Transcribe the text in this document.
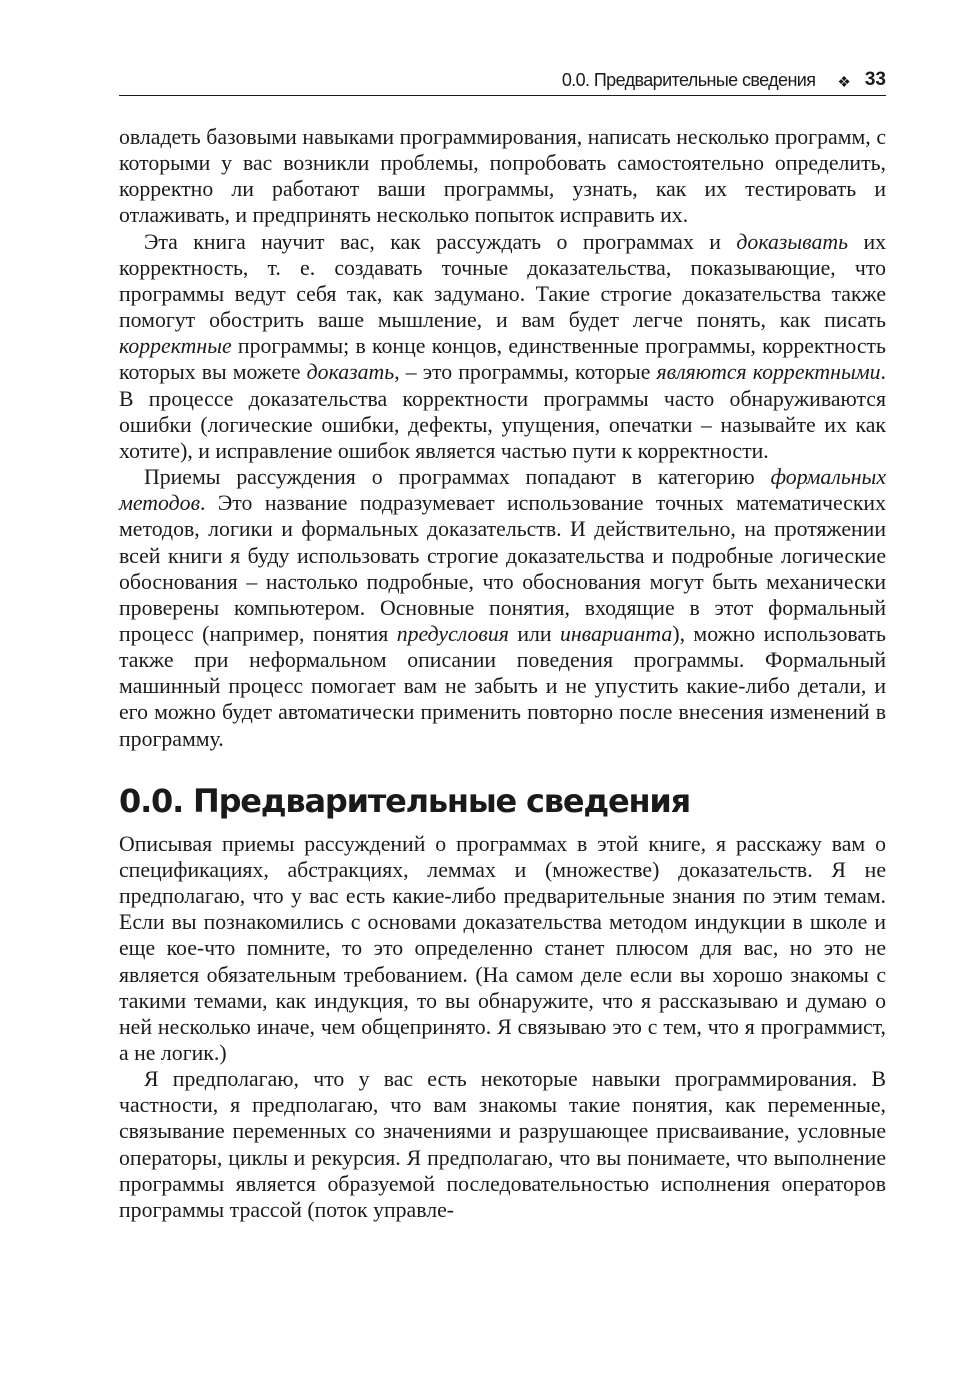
0.0. Предварительные сведения ❖ 33

овладеть базовыми навыками программирования, написать несколько программ, с которыми у вас возникли проблемы, попробовать самостоятельно определить, корректно ли работают ваши программы, узнать, как их тестировать и отлаживать, и предпринять несколько попыток исправить их.

Эта книга научит вас, как рассуждать о программах и доказывать их корректность, т. е. создавать точные доказательства, показывающие, что программы ведут себя так, как задумано. Такие строгие доказательства также помогут обострить ваше мышление, и вам будет легче понять, как писать корректные программы; в конце концов, единственные программы, корректность которых вы можете доказать, – это программы, которые являются корректными. В процессе доказательства корректности программы часто обнаруживаются ошибки (логические ошибки, дефекты, упущения, опечатки – называйте их как хотите), и исправление ошибок является частью пути к корректности.

Приемы рассуждения о программах попадают в категорию формальных методов. Это название подразумевает использование точных математических методов, логики и формальных доказательств. И действительно, на протяжении всей книги я буду использовать строгие доказательства и подробные логические обоснования – настолько подробные, что обоснования могут быть механически проверены компьютером. Основные понятия, входящие в этот формальный процесс (например, понятия предусловия или инварианта), можно использовать также при неформальном описании поведения программы. Формальный машинный процесс помогает вам не забыть и не упустить какие-либо детали, и его можно будет автоматически применить повторно после внесения изменений в программу.

0.0. Предварительные сведения

Описывая приемы рассуждений о программах в этой книге, я расскажу вам о спецификациях, абстракциях, леммах и (множестве) доказательств. Я не предполагаю, что у вас есть какие-либо предварительные знания по этим темам. Если вы познакомились с основами доказательства методом индукции в школе и еще кое-что помните, то это определенно станет плюсом для вас, но это не является обязательным требованием. (На самом деле если вы хорошо знакомы с такими темами, как индукция, то вы обнаружите, что я рассказываю и думаю о ней несколько иначе, чем общепринято. Я связываю это с тем, что я программист, а не логик.)

Я предполагаю, что у вас есть некоторые навыки программирования. В частности, я предполагаю, что вам знакомы такие понятия, как переменные, связывание переменных со значениями и разрушающее присваивание, условные операторы, циклы и рекурсия. Я предполагаю, что вы понимаете, что выполнение программы является образуемой последовательностью исполнения операторов программы трассой (поток управле-
